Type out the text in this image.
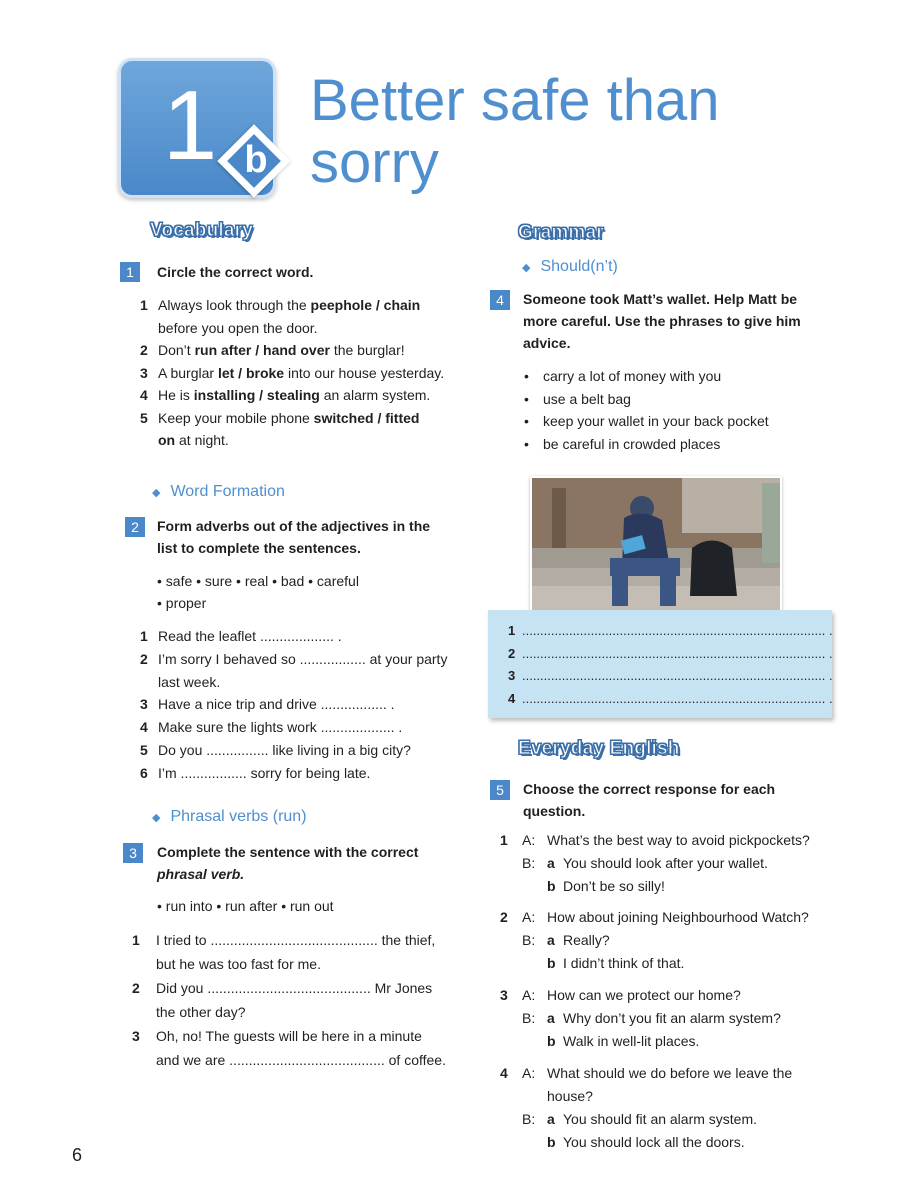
1 b
Better safe than
sorry
Vocabulary
1	Circle the correct word.
1 Always look through the peephole / chain
before you open the door.
2 Don’t run after / hand over the burglar!
3 A burglar let / broke into our house yesterday.
4 He is installing / stealing an alarm system.
5 Keep your mobile phone switched / fitted
on at night.
◆ Word Formation
2	Form adverbs out of the adjectives in the
list to complete the sentences.
• safe • sure • real • bad • careful
• proper
1 Read the leaflet ................... .
2 I’m sorry I behaved so ................. at your party
last week.
3 Have a nice trip and drive ................. .
4 Make sure the lights work ................... .
5 Do you ................ like living in a big city?
6 I’m ................. sorry for being late.
◆ Phrasal verbs (run)
3	Complete the sentence with the correct
phrasal verb.
• run into • run after • run out
1 I tried to ........................................... the thief,
but he was too fast for me.
2 Did you .......................................... Mr Jones
the other day?
3 Oh, no! The guests will be here in a minute
and we are ........................................ of coffee.
Grammar
◆ Should(n’t)
4	Someone took Matt’s wallet. Help Matt be
more careful. Use the phrases to give him
advice.
• carry a lot of money with you
• use a belt bag
• keep your wallet in your back pocket
• be careful in crowded places
1 .................................................................................... .
2 .................................................................................... .
3 .................................................................................... .
4 .................................................................................... .
Everyday English
5	Choose the correct response for each
question.
1 A: What’s the best way to avoid pickpockets?
B: a You should look after your wallet.
b Don’t be so silly!
2 A: How about joining Neighbourhood Watch?
B: a Really?
b I didn’t think of that.
3 A: How can we protect our home?
B: a Why don’t you fit an alarm system?
b Walk in well-lit places.
4 A: What should we do before we leave the
house?
B: a You should fit an alarm system.
b You should lock all the doors.
6
